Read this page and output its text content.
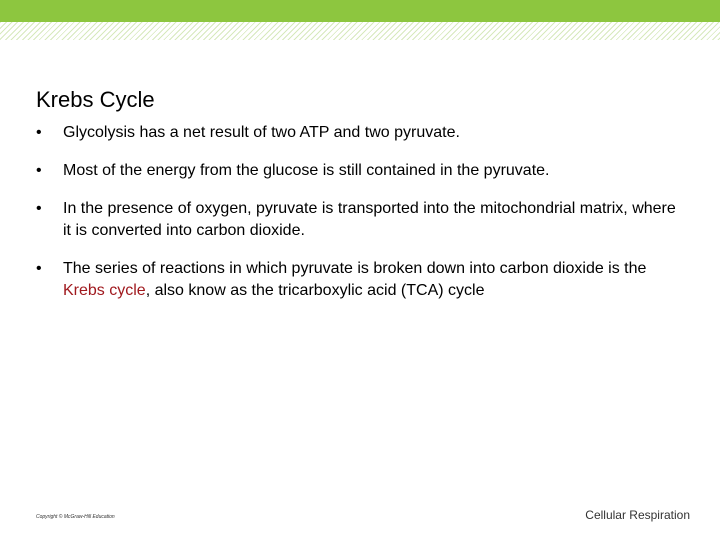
Krebs Cycle
• Glycolysis has a net result of two ATP and two pyruvate.
• Most of the energy from the glucose is still contained in the pyruvate.
• In the presence of oxygen, pyruvate is transported into the mitochondrial matrix, where it is converted into carbon dioxide.
• The series of reactions in which pyruvate is broken down into carbon dioxide is the Krebs cycle, also know as the tricarboxylic acid (TCA) cycle
Copyright © McGraw-Hill Education	Cellular Respiration
